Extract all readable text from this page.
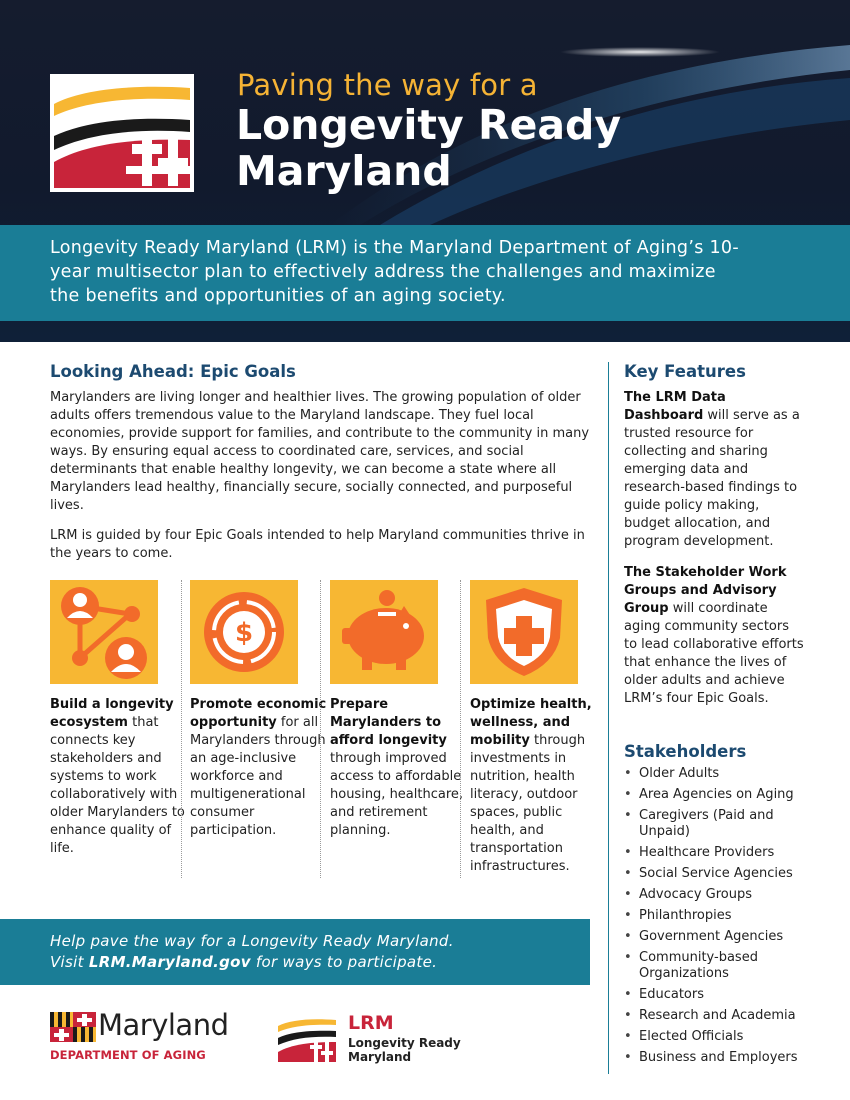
Paving the way for a
Longevity Ready
Maryland
Longevity Ready Maryland (LRM) is the Maryland Department of Aging’s 10-year multisector plan to effectively address the challenges and maximize the benefits and opportunities of an aging society.
Looking Ahead: Epic Goals
Marylanders are living longer and healthier lives. The growing population of older adults offers tremendous value to the Maryland landscape. They fuel local economies, provide support for families, and contribute to the community in many ways. By ensuring equal access to coordinated care, services, and social determinants that enable healthy longevity, we can become a state where all Marylanders lead healthy, financially secure, socially connected, and purposeful lives.
LRM is guided by four Epic Goals intended to help Maryland communities thrive in the years to come.
Build a longevity ecosystem that connects key stakeholders and systems to work collaboratively with older Marylanders to enhance quality of life.
$
Promote economic opportunity for all Marylanders through an age-inclusive workforce and multigenerational consumer participation.
Prepare Marylanders to afford longevity through improved access to affordable housing, healthcare, and retirement planning.
Optimize health, wellness, and mobility through investments in nutrition, health literacy, outdoor spaces, public health, and transportation infrastructures.
Help pave the way for a Longevity Ready Maryland.
Visit LRM.Maryland.gov for ways to participate.
Maryland
DEPARTMENT OF AGING
LRM
Longevity Ready Maryland
Key Features
The LRM Data Dashboard will serve as a trusted resource for collecting and sharing emerging data and research-based findings to guide policy making, budget allocation, and program development.
The Stakeholder Work Groups and Advisory Group will coordinate aging community sectors to lead collaborative efforts that enhance the lives of older adults and achieve LRM’s four Epic Goals.
Stakeholders
• Older Adults
• Area Agencies on Aging
• Caregivers (Paid and Unpaid)
• Healthcare Providers
• Social Service Agencies
• Advocacy Groups
• Philanthropies
• Government Agencies
• Community-based Organizations
• Educators
• Research and Academia
• Elected Officials
• Business and Employers
